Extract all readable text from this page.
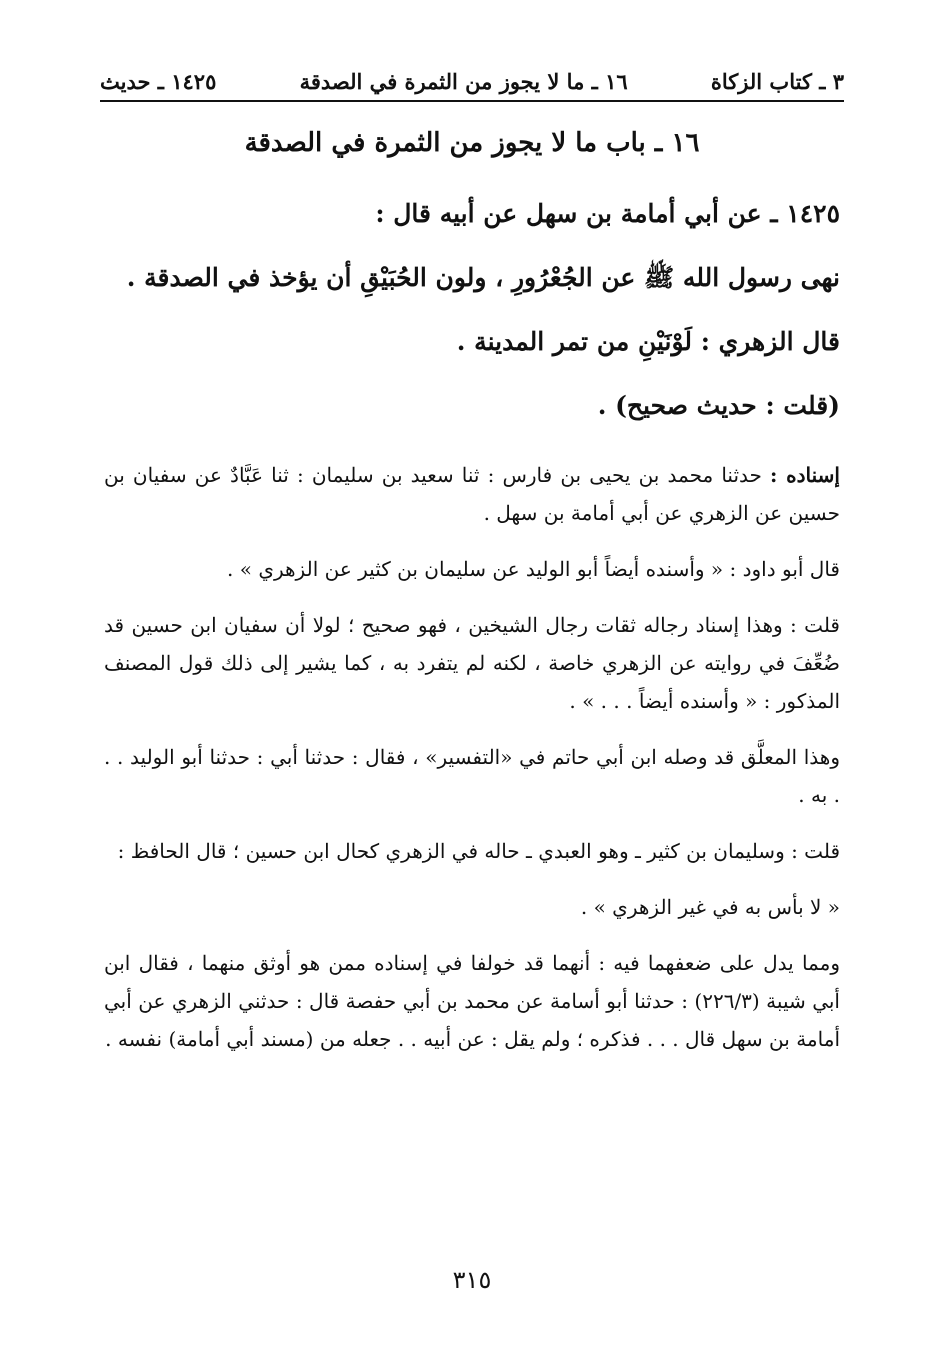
٣ ـ كتاب الزكاة
١٦ ـ ما لا يجوز من الثمرة في الصدقة
١٤٢٥ ـ حديث
١٦ ـ باب ما لا يجوز من الثمرة في الصدقة

١٤٢٥ ـ عن أبي أمامة بن سهل عن أبيه قال :

نهى رسول الله ﷺ عن الجُعْرُورِ ، ولون الحُبَيْقِ أن يؤخذ في الصدقة .

قال الزهري : لَوْنَيْنِ من تمر المدينة .

(قلت : حديث صحيح) .

إسناده : حدثنا محمد بن يحيى بن فارس : ثنا سعيد بن سليمان : ثنا عَبَّادٌ عن سفيان بن حسين عن الزهري عن أبي أمامة بن سهل .

قال أبو داود : « وأسنده أيضاً أبو الوليد عن سليمان بن كثير عن الزهري » .

قلت : وهذا إسناد رجاله ثقات رجال الشيخين ، فهو صحيح ؛ لولا أن سفيان ابن حسين قد ضُعِّفَ في روايته عن الزهري خاصة ، لكنه لم يتفرد به ، كما يشير إلى ذلك قول المصنف المذكور : « وأسنده أيضاً . . . » .

وهذا المعلَّق قد وصله ابن أبي حاتم في «التفسير» ، فقال : حدثنا أبي : حدثنا أبو الوليد . . . به .

قلت : وسليمان بن كثير ـ وهو العبدي ـ حاله في الزهري كحال ابن حسين ؛ قال الحافظ :

« لا بأس به في غير الزهري » .

ومما يدل على ضعفهما فيه : أنهما قد خولفا في إسناده ممن هو أوثق منهما ، فقال ابن أبي شيبة (٢٢٦/٣) : حدثنا أبو أسامة عن محمد بن أبي حفصة قال : حدثني الزهري عن أبي أمامة بن سهل قال . . . فذكره ؛ ولم يقل : عن أبيه . . جعله من (مسند أبي أمامة) نفسه .

٣١٥
